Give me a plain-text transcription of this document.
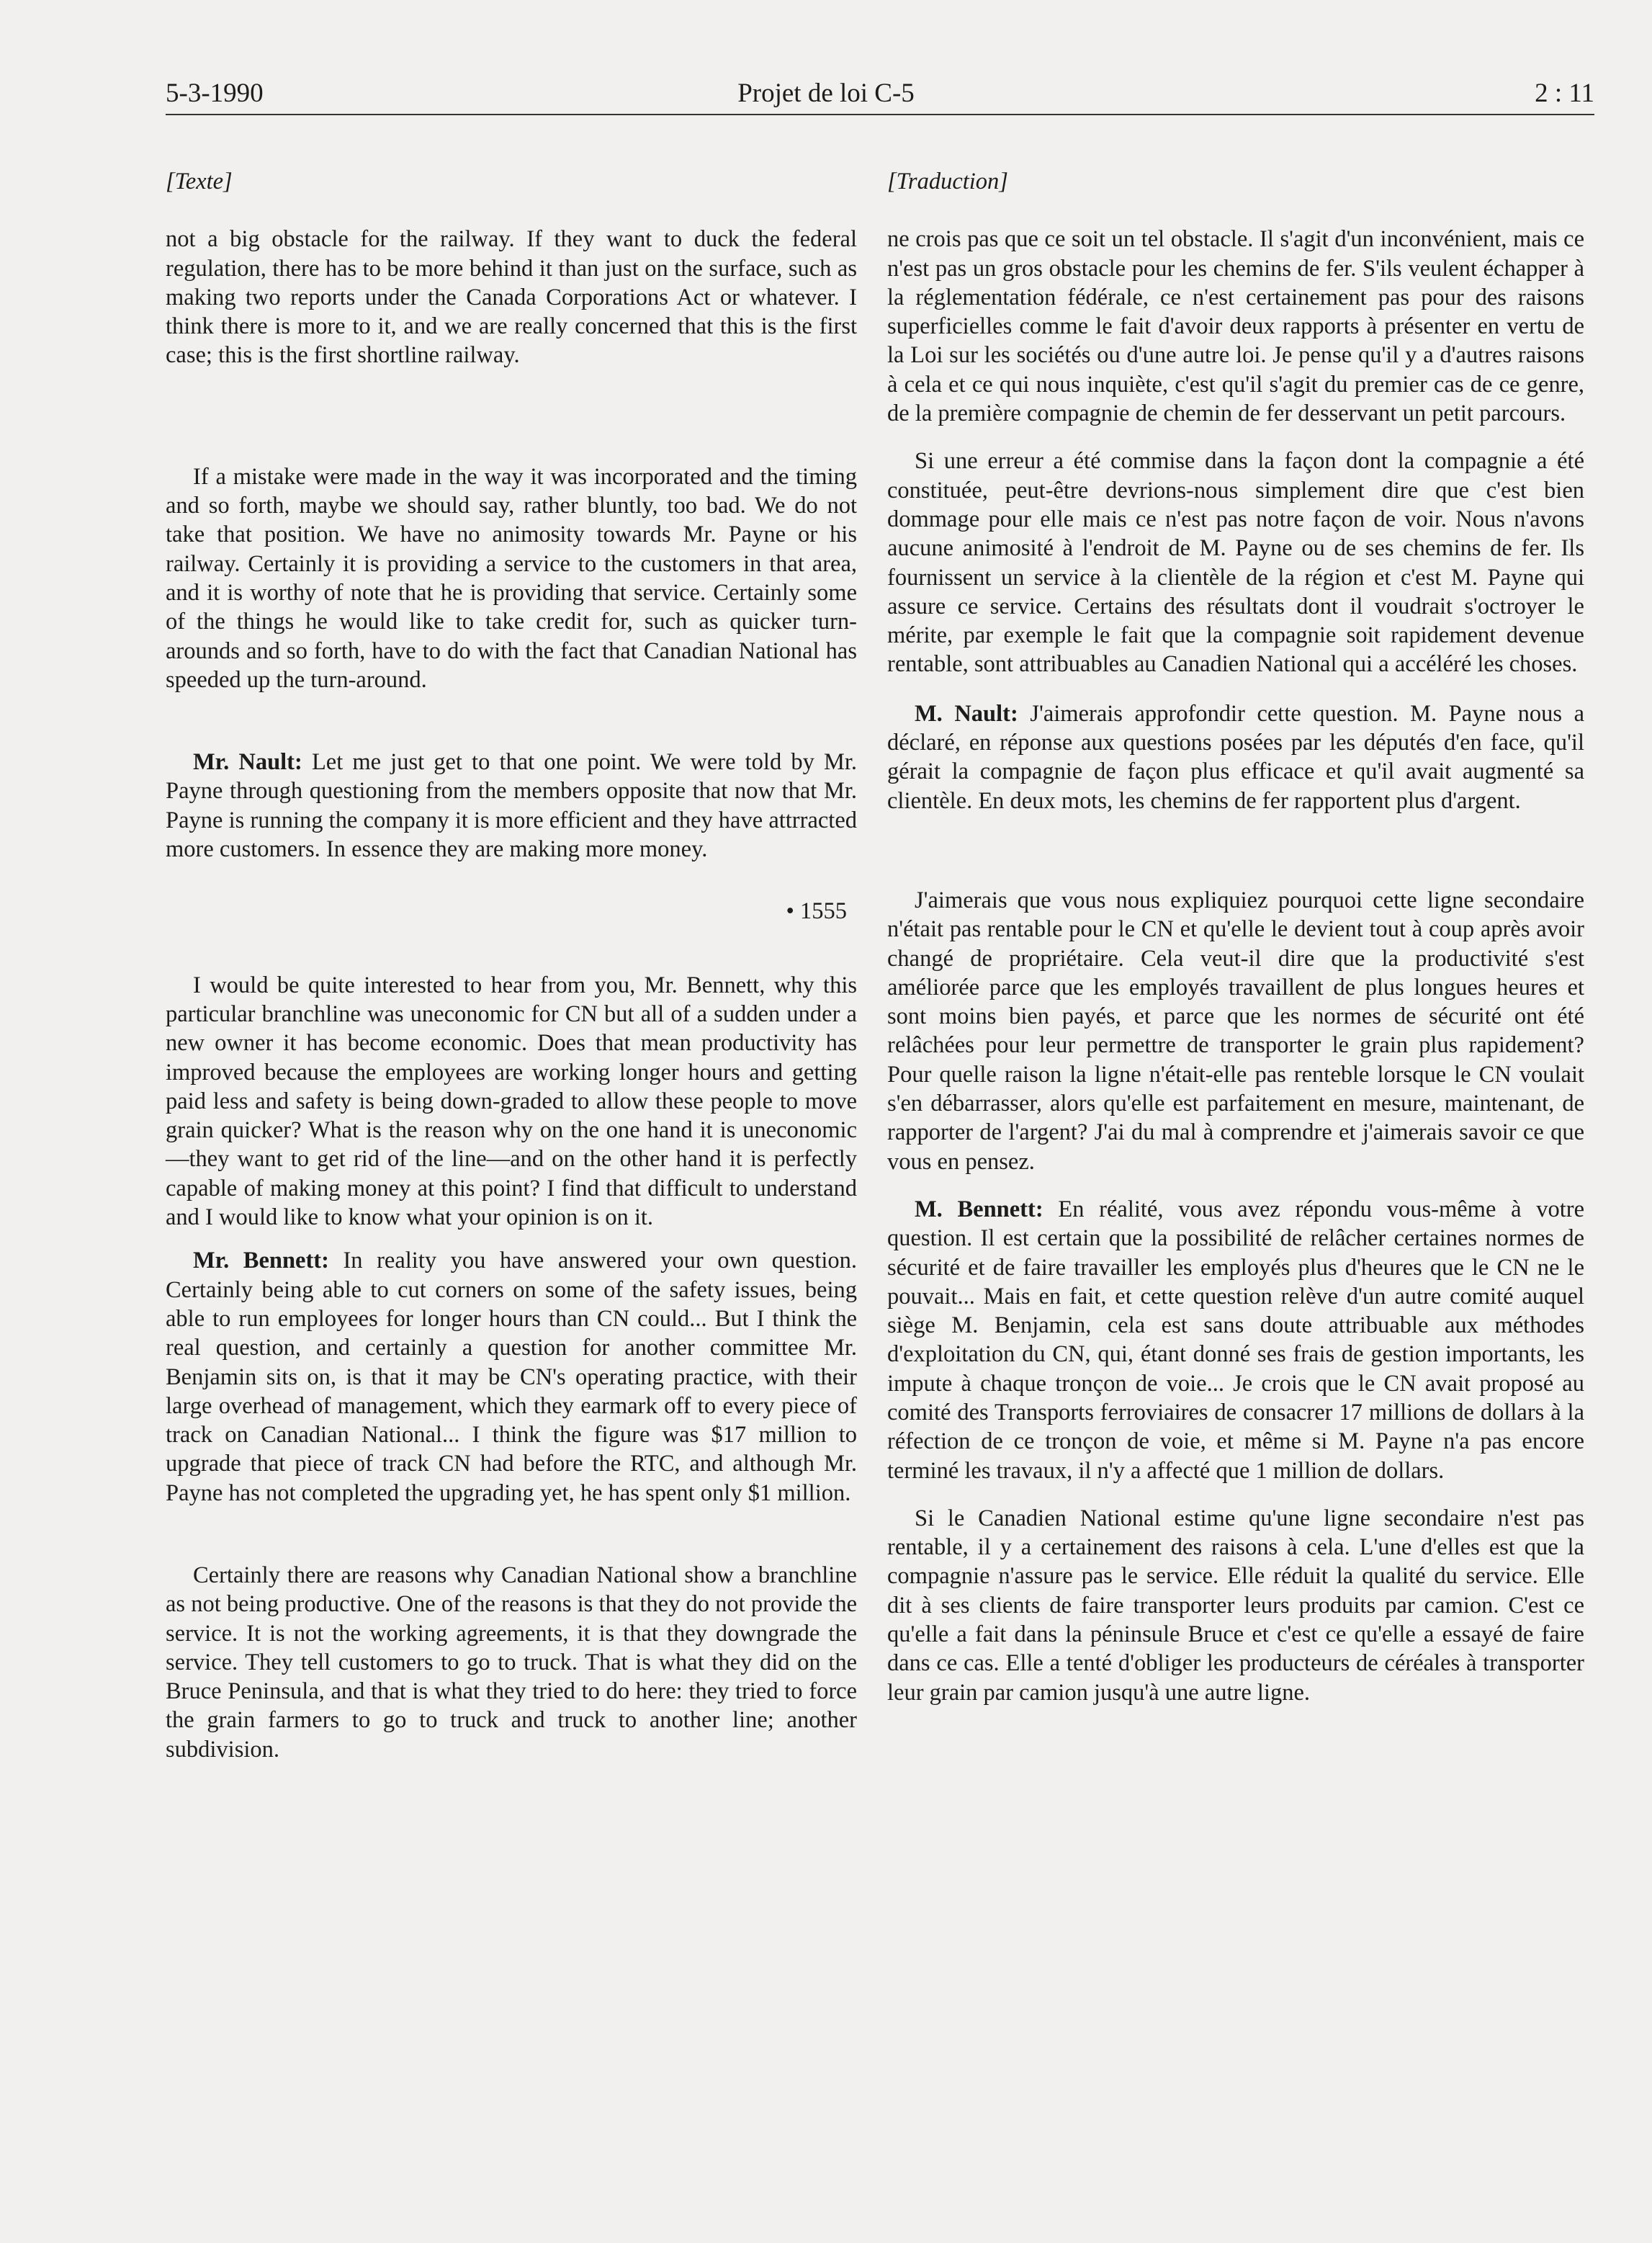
5-3-1990	Projet de loi C-5	2 : 11

[Texte]

not a big obstacle for the railway. If they want to duck the federal regulation, there has to be more behind it than just on the surface, such as making two reports under the Canada Corporations Act or whatever. I think there is more to it, and we are really concerned that this is the first case; this is the first shortline railway.

If a mistake were made in the way it was incorporated and the timing and so forth, maybe we should say, rather bluntly, too bad. We do not take that position. We have no animosity towards Mr. Payne or his railway. Certainly it is providing a service to the customers in that area, and it is worthy of note that he is providing that service. Certainly some of the things he would like to take credit for, such as quicker turn-arounds and so forth, have to do with the fact that Canadian National has speeded up the turn-around.

Mr. Nault: Let me just get to that one point. We were told by Mr. Payne through questioning from the members opposite that now that Mr. Payne is running the company it is more efficient and they have attrracted more customers. In essence they are making more money.

• 1555

I would be quite interested to hear from you, Mr. Bennett, why this particular branchline was uneconomic for CN but all of a sudden under a new owner it has become economic. Does that mean productivity has improved because the employees are working longer hours and getting paid less and safety is being down-graded to allow these people to move grain quicker? What is the reason why on the one hand it is uneconomic—they want to get rid of the line—and on the other hand it is perfectly capable of making money at this point? I find that difficult to understand and I would like to know what your opinion is on it.

Mr. Bennett: In reality you have answered your own question. Certainly being able to cut corners on some of the safety issues, being able to run employees for longer hours than CN could... But I think the real question, and certainly a question for another committee Mr. Benjamin sits on, is that it may be CN's operating practice, with their large overhead of management, which they earmark off to every piece of track on Canadian National... I think the figure was $17 million to upgrade that piece of track CN had before the RTC, and although Mr. Payne has not completed the upgrading yet, he has spent only $1 million.

Certainly there are reasons why Canadian National show a branchline as not being productive. One of the reasons is that they do not provide the service. It is not the working agreements, it is that they downgrade the service. They tell customers to go to truck. That is what they did on the Bruce Peninsula, and that is what they tried to do here: they tried to force the grain farmers to go to truck and truck to another line; another subdivision.

[Traduction]

ne crois pas que ce soit un tel obstacle. Il s'agit d'un inconvénient, mais ce n'est pas un gros obstacle pour les chemins de fer. S'ils veulent échapper à la réglementation fédérale, ce n'est certainement pas pour des raisons superficielles comme le fait d'avoir deux rapports à présenter en vertu de la Loi sur les sociétés ou d'une autre loi. Je pense qu'il y a d'autres raisons à cela et ce qui nous inquiète, c'est qu'il s'agit du premier cas de ce genre, de la première compagnie de chemin de fer desservant un petit parcours.

Si une erreur a été commise dans la façon dont la compagnie a été constituée, peut-être devrions-nous simplement dire que c'est bien dommage pour elle mais ce n'est pas notre façon de voir. Nous n'avons aucune animosité à l'endroit de M. Payne ou de ses chemins de fer. Ils fournissent un service à la clientèle de la région et c'est M. Payne qui assure ce service. Certains des résultats dont il voudrait s'octroyer le mérite, par exemple le fait que la compagnie soit rapidement devenue rentable, sont attribuables au Canadien National qui a accéléré les choses.

M. Nault: J'aimerais approfondir cette question. M. Payne nous a déclaré, en réponse aux questions posées par les députés d'en face, qu'il gérait la compagnie de façon plus efficace et qu'il avait augmenté sa clientèle. En deux mots, les chemins de fer rapportent plus d'argent.

J'aimerais que vous nous expliquiez pourquoi cette ligne secondaire n'était pas rentable pour le CN et qu'elle le devient tout à coup après avoir changé de propriétaire. Cela veut-il dire que la productivité s'est améliorée parce que les employés travaillent de plus longues heures et sont moins bien payés, et parce que les normes de sécurité ont été relâchées pour leur permettre de transporter le grain plus rapidement? Pour quelle raison la ligne n'était-elle pas renteble lorsque le CN voulait s'en débarrasser, alors qu'elle est parfaitement en mesure, maintenant, de rapporter de l'argent? J'ai du mal à comprendre et j'aimerais savoir ce que vous en pensez.

M. Bennett: En réalité, vous avez répondu vous-même à votre question. Il est certain que la possibilité de relâcher certaines normes de sécurité et de faire travailler les employés plus d'heures que le CN ne le pouvait... Mais en fait, et cette question relève d'un autre comité auquel siège M. Benjamin, cela est sans doute attribuable aux méthodes d'exploitation du CN, qui, étant donné ses frais de gestion importants, les impute à chaque tronçon de voie... Je crois que le CN avait proposé au comité des Transports ferroviaires de consacrer 17 millions de dollars à la réfection de ce tronçon de voie, et même si M. Payne n'a pas encore terminé les travaux, il n'y a affecté que 1 million de dollars.

Si le Canadien National estime qu'une ligne secondaire n'est pas rentable, il y a certainement des raisons à cela. L'une d'elles est que la compagnie n'assure pas le service. Elle réduit la qualité du service. Elle dit à ses clients de faire transporter leurs produits par camion. C'est ce qu'elle a fait dans la péninsule Bruce et c'est ce qu'elle a essayé de faire dans ce cas. Elle a tenté d'obliger les producteurs de céréales à transporter leur grain par camion jusqu'à une autre ligne.
